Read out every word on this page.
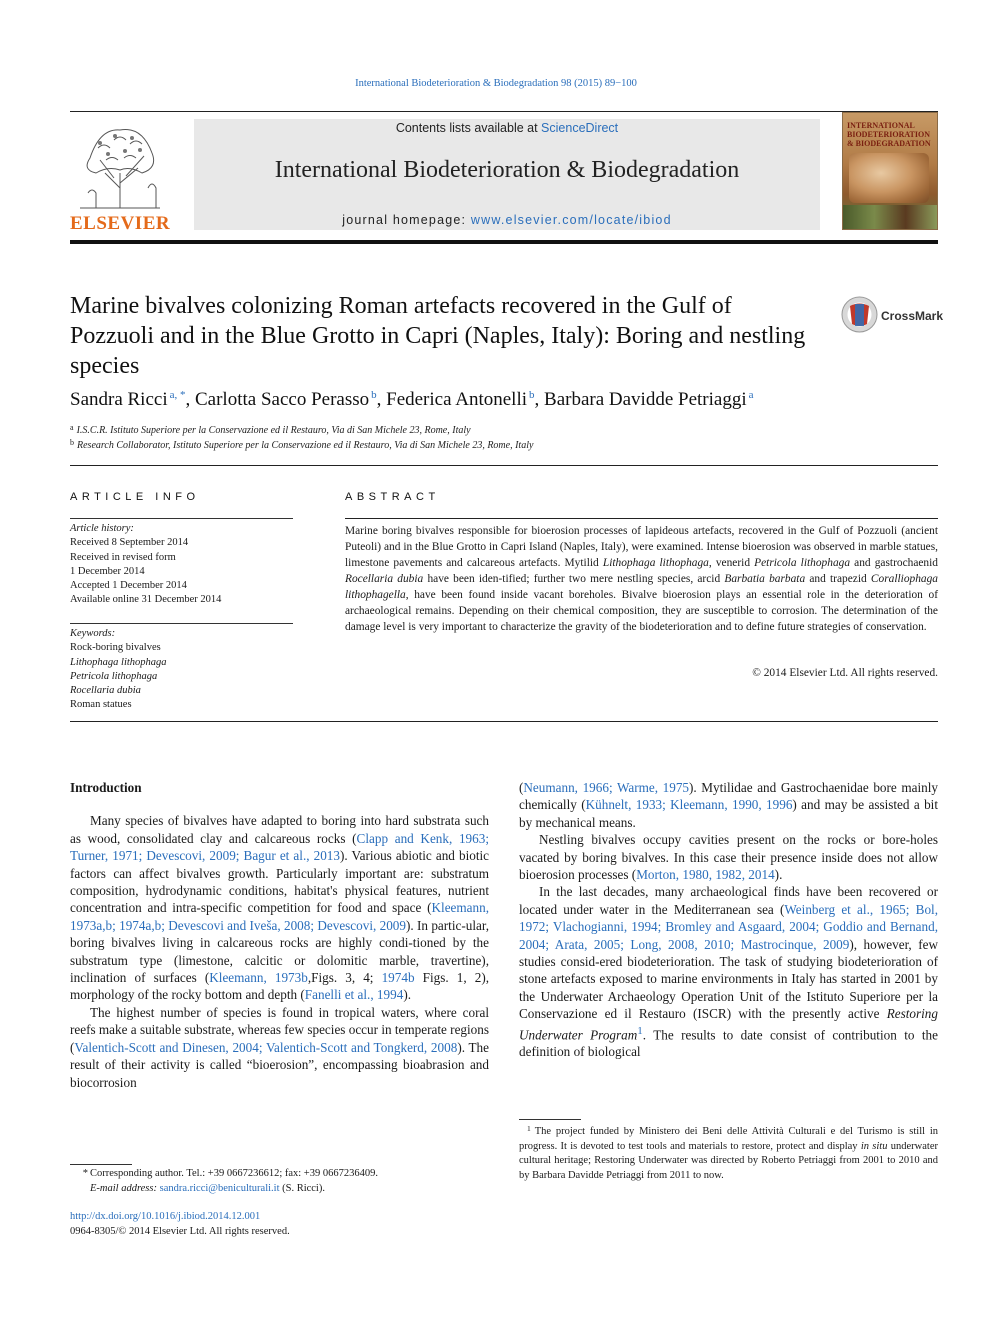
International Biodeterioration & Biodegradation 98 (2015) 89−100
ELSEVIER
Contents lists available at ScienceDirect
International Biodeterioration & Biodegradation
journal homepage: www.elsevier.com/locate/ibiod
INTERNATIONAL BIODETERIORATION & BIODEGRADATION
Marine bivalves colonizing Roman artefacts recovered in the Gulf of Pozzuoli and in the Blue Grotto in Capri (Naples, Italy): Boring and nestling species
CrossMark
Sandra Ricci $^{a, *}$, Carlotta Sacco Perasso $^b$, Federica Antonelli $^b$, Barbara Davidde Petriaggi $^a$
$^a$ I.S.C.R. Istituto Superiore per la Conservazione ed il Restauro, Via di San Michele 23, Rome, Italy
$^b$ Research Collaborator, Istituto Superiore per la Conservazione ed il Restauro, Via di San Michele 23, Rome, Italy
ARTICLE INFO
Article history:
Received 8 September 2014
Received in revised form
1 December 2014
Accepted 1 December 2014
Available online 31 December 2014
Keywords:
Rock-boring bivalves
Lithophaga lithophaga
Petricola lithophaga
Rocellaria dubia
Roman statues
ABSTRACT
Marine boring bivalves responsible for bioerosion processes of lapideous artefacts, recovered in the Gulf of Pozzuoli (ancient Puteoli) and in the Blue Grotto in Capri Island (Naples, Italy), were examined. Intense bioerosion was observed in marble statues, limestone pavements and calcareous artefacts. Mytilid Lithophaga lithophaga, venerid Petricola lithophaga and gastrochaenid Rocellaria dubia have been iden-tified; further two mere nestling species, arcid Barbatia barbata and trapezid Coralliophaga lithophagella, have been found inside vacant boreholes. Bivalve bioerosion plays an essential role in the deterioration of archaeological remains. Depending on their chemical composition, they are susceptible to corrosion. The determination of the damage level is very important to characterize the gravity of the biodeterioration and to define future strategies of conservation.
© 2014 Elsevier Ltd. All rights reserved.
Introduction

Many species of bivalves have adapted to boring into hard substrata such as wood, consolidated clay and calcareous rocks (Clapp and Kenk, 1963; Turner, 1971; Devescovi, 2009; Bagur et al., 2013). Various abiotic and biotic factors can affect bivalves growth. Particularly important are: substratum composition, hydrodynamic conditions, habitat's physical features, nutrient concentration and intra-specific competition for food and space (Kleemann, 1973a,b; 1974a,b; Devescovi and Iveša, 2008; Devescovi, 2009). In partic-ular, boring bivalves living in calcareous rocks are highly condi-tioned by the substratum type (limestone, calcitic or dolomitic marble, travertine), inclination of surfaces (Kleemann, 1973b,Figs. 3, 4; 1974b Figs. 1, 2), morphology of the rocky bottom and depth (Fanelli et al., 1994).

The highest number of species is found in tropical waters, where coral reefs make a suitable substrate, whereas few species occur in temperate regions (Valentich-Scott and Dinesen, 2004; Valentich-Scott and Tongkerd, 2008). The result of their activity is called “bioerosion”, encompassing bioabrasion and biocorrosion

(Neumann, 1966; Warme, 1975). Mytilidae and Gastrochaenidae bore mainly chemically (Kühnelt, 1933; Kleemann, 1990, 1996) and may be assisted a bit by mechanical means.

Nestling bivalves occupy cavities present on the rocks or bore-holes vacated by boring bivalves. In this case their presence inside does not allow bioerosion processes (Morton, 1980, 1982, 2014).

In the last decades, many archaeological finds have been recovered or located under water in the Mediterranean sea (Weinberg et al., 1965; Bol, 1972; Vlachogianni, 1994; Bromley and Asgaard, 2004; Goddio and Bernand, 2004; Arata, 2005; Long, 2008, 2010; Mastrocinque, 2009), however, few studies consid-ered biodeterioration. The task of studying biodeterioration of stone artefacts exposed to marine environments in Italy has started in 2001 by the Underwater Archaeology Operation Unit of the Istituto Superiore per la Conservazione ed il Restauro (ISCR) with the presently active Restoring Underwater Program$^1$. The results to date consist of contribution to the definition of biological

$^1$ The project funded by Ministero dei Beni delle Attività Culturali e del Turismo is still in progress. It is devoted to test tools and materials to restore, protect and display in situ underwater cultural heritage; Restoring Underwater was directed by Roberto Petriaggi from 2001 to 2010 and by Barbara Davidde Petriaggi from 2011 to now.
* Corresponding author. Tel.: +39 0667236612; fax: +39 0667236409.
E-mail address: sandra.ricci@beniculturali.it (S. Ricci).
http://dx.doi.org/10.1016/j.ibiod.2014.12.001
0964-8305/© 2014 Elsevier Ltd. All rights reserved.
